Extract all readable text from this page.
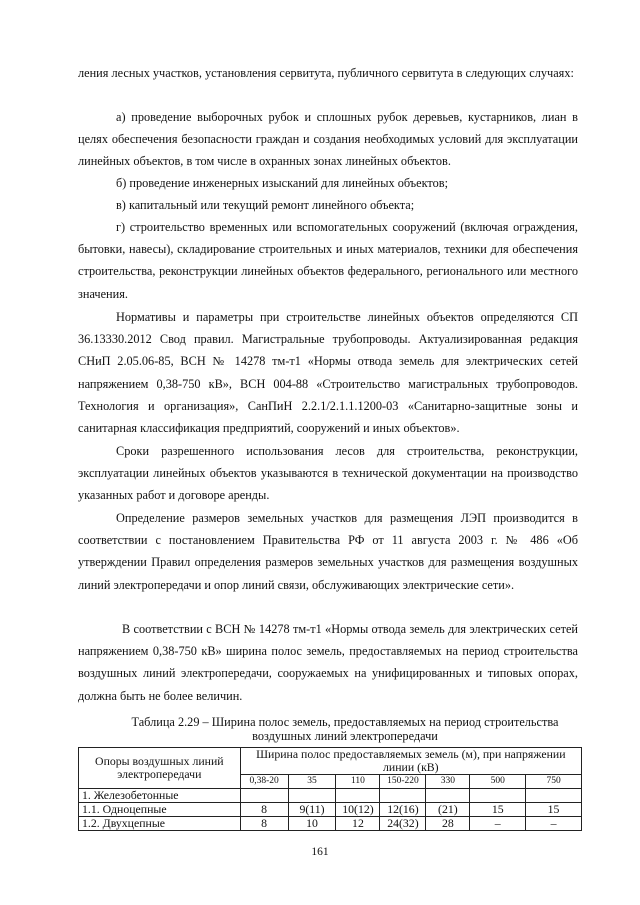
ления лесных участков, установления сервитута, публичного сервитута в следующих случаях:

а) проведение выборочных рубок и сплошных рубок деревьев, кустарников, лиан в целях обеспечения безопасности граждан и создания необходимых условий для эксплуатации линейных объектов, в том числе в охранных зонах линейных объектов.

б) проведение инженерных изысканий для линейных объектов;

в) капитальный или текущий ремонт линейного объекта;

г) строительство временных или вспомогательных сооружений (включая ограждения, бытовки, навесы), складирование строительных и иных материалов, техники для обеспечения строительства, реконструкции линейных объектов федерального, регионального или местного значения.

Нормативы и параметры при строительстве линейных объектов определяются СП 36.13330.2012 Свод правил. Магистральные трубопроводы. Актуализированная редакция СНиП 2.05.06-85, ВСН № 14278 тм-т1 «Нормы отвода земель для электрических сетей напряжением 0,38-750 кВ», ВСН 004-88 «Строительство магистральных трубопроводов. Технология и организация», СанПиН 2.2.1/2.1.1.1200-03 «Санитарно-защитные зоны и санитарная классификация предприятий, сооружений и иных объектов».

Сроки разрешенного использования лесов для строительства, реконструкции, эксплуатации линейных объектов указываются в технической документации на производство указанных работ и договоре аренды.

Определение размеров земельных участков для размещения ЛЭП производится в соответствии с постановлением Правительства РФ от 11 августа 2003 г. № 486 «Об утверждении Правил определения размеров земельных участков для размещения воздушных линий электропередачи и опор линий связи, обслуживающих электрические сети».

В соответствии с ВСН № 14278 тм-т1 «Нормы отвода земель для электрических сетей напряжением 0,38-750 кВ» ширина полос земель, предоставляемых на период строительства воздушных линий электропередачи, сооружаемых на унифицированных и типовых опорах, должна быть не более величин.

Таблица 2.29 – Ширина полос земель, предоставляемых на период строительства воздушных линий электропередачи

Опоры воздушных линий электропередачи	Ширина полос предоставляемых земель (м), при напряжении линии (кВ)						
	0,38-20	35	110	150-220	330	500	750
1. Железобетонные							
1.1. Одноцепные	8	9(11)	10(12)	12(16)	(21)	15	15
1.2. Двухцепные	8	10	12	24(32)	28	–	–

161
